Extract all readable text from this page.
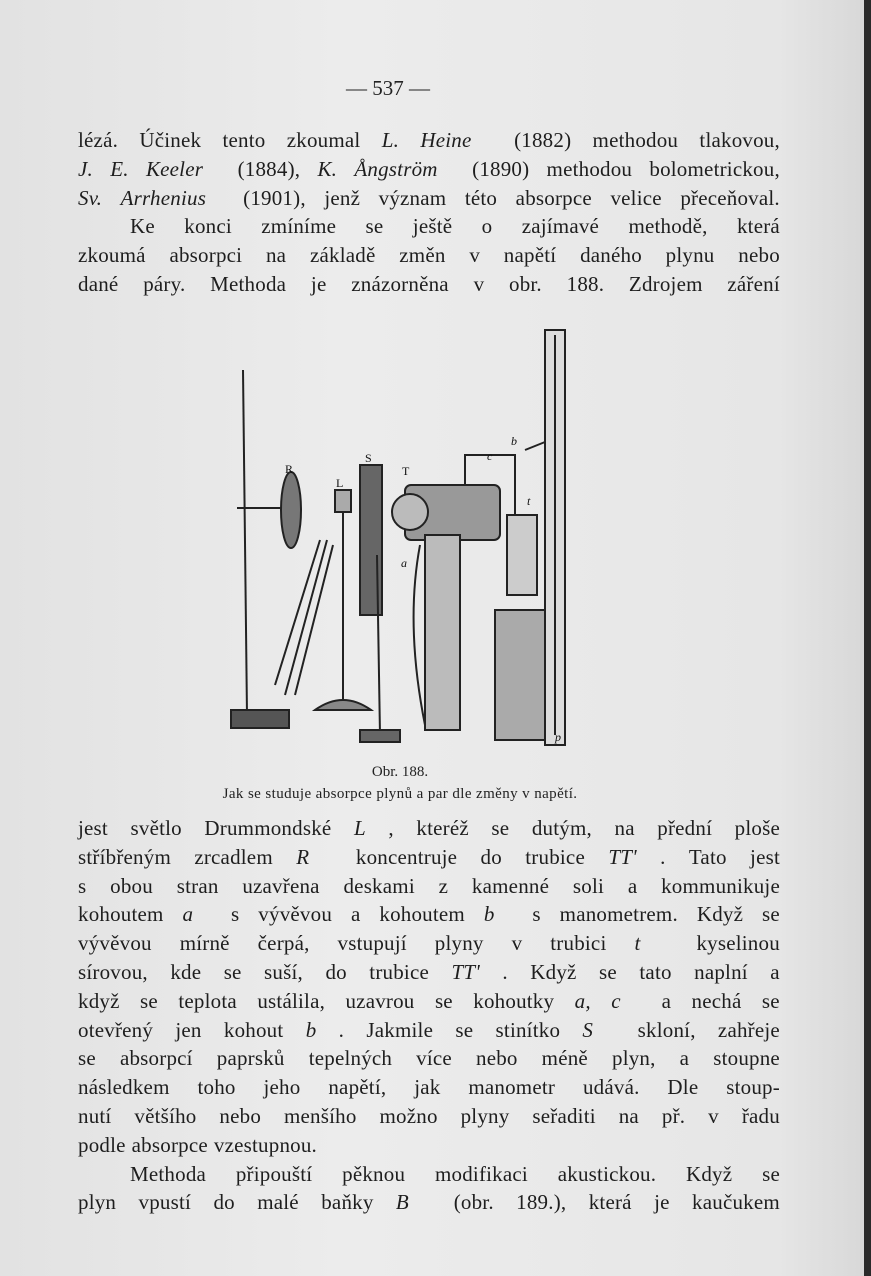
— 537 —
lézá. Účinek tento zkoumal L. Heine (1882) methodou tlakovou,
J. E. Keeler (1884), K. Ångström (1890) methodou bolometrickou,
Sv. Arrhenius (1901), jenž význam této absorpce velice přeceňoval.
Ke konci zmíníme se ještě o zajímavé methodě, která
zkoumá absorpci na základě změn v napětí daného plynu nebo
dané páry. Methoda je znázorněna v obr. 188. Zdrojem záření
R
L
S
T
a
b
c
t
p
Obr. 188.
Jak se studuje absorpce plynů a par dle změny v napětí.
jest světlo Drummondské L , kteréž se dutým, na přední ploše
stříbřeným zrcadlem R koncentruje do trubice TT' . Tato jest
s obou stran uzavřena deskami z kamenné soli a kommunikuje
kohoutem a s vývěvou a kohoutem b s manometrem. Když se
vývěvou mírně čerpá, vstupují plyny v trubici t	kyselinou
sírovou, kde se suší, do trubice TT' . Když se tato naplní a
když se teplota ustálila, uzavrou se kohoutky a, c a nechá se
otevřený jen kohout b . Jakmile se stinítko S skloní, zahřeje
se absorpcí paprsků tepelných více nebo méně plyn, a stoupne
následkem toho jeho napětí, jak manometr udává. Dle stoup-
nutí většího nebo menšího možno plyny seřaditi na př. v řadu
podle absorpce vzestupnou.
Methoda připouští pěknou modifikaci akustickou. Když se
plyn vpustí do malé baňky B (obr. 189.), která je kaučukem
